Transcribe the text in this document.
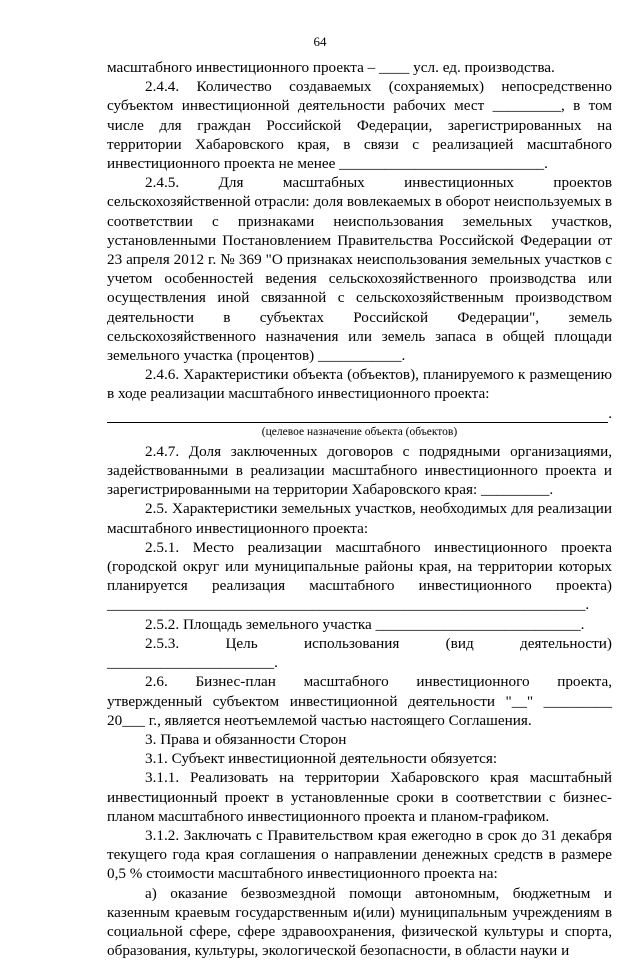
64

масштабного инвестиционного проекта – ____ усл. ед. производства.

2.4.4. Количество создаваемых (сохраняемых) непосредственно субъектом инвестиционной деятельности рабочих мест _________, в том числе для граждан Российской Федерации, зарегистрированных на территории Хабаровского края, в связи с реализацией масштабного инвестиционного проекта не менее ___________________________.

2.4.5. Для масштабных инвестиционных проектов сельскохозяйственной отрасли: доля вовлекаемых в оборот неиспользуемых в соответствии с признаками неиспользования земельных участков, установленными Постановлением Правительства Российской Федерации от 23 апреля 2012 г. № 369 "О признаках неиспользования земельных участков с учетом особенностей ведения сельскохозяйственного производства или осуществления иной связанной с сельскохозяйственным производством деятельности в субъектах Российской Федерации", земель сельскохозяйственного назначения или земель запаса в общей площади земельного участка (процентов) ___________.

2.4.6. Характеристики объекта (объектов), планируемого к размещению в ходе реализации масштабного инвестиционного проекта:

.
(целевое назначение объекта (объектов)

2.4.7. Доля заключенных договоров с подрядными организациями, задействованными в реализации масштабного инвестиционного проекта и зарегистрированными на территории Хабаровского края: _________.

2.5. Характеристики земельных участков, необходимых для реализации масштабного инвестиционного проекта:

2.5.1. Место реализации масштабного инвестиционного проекта (городской округ или муниципальные районы края, на территории которых планируется реализация масштабного инвестиционного проекта) _______________________________________________________________.

2.5.2. Площадь земельного участка ___________________________.

2.5.3. Цель использования (вид деятельности) ______________________.

2.6. Бизнес-план масштабного инвестиционного проекта, утвержденный субъектом инвестиционной деятельности "__" _________ 20___ г., является неотъемлемой частью настоящего Соглашения.

3. Права и обязанности Сторон

3.1. Субъект инвестиционной деятельности обязуется:

3.1.1. Реализовать на территории Хабаровского края масштабный инвестиционный проект в установленные сроки в соответствии с бизнес-планом масштабного инвестиционного проекта и планом-графиком.

3.1.2. Заключать с Правительством края ежегодно в срок до 31 декабря текущего года края соглашения о направлении денежных средств в размере 0,5 % стоимости масштабного инвестиционного проекта на:

а) оказание безвозмездной помощи автономным, бюджетным и казенным краевым государственным и(или) муниципальным учреждениям в социальной сфере, сфере здравоохранения, физической культуры и спорта, образования, культуры, экологической безопасности, в области науки и
